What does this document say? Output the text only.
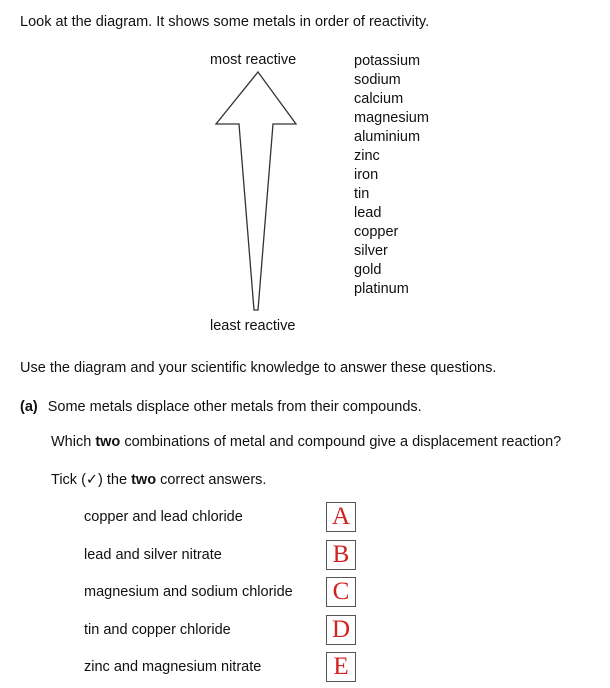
Look at the diagram. It shows some metals in order of reactivity.
most reactive	potassium
sodium
calcium
magnesium
aluminium
zinc
iron
tin
lead
copper
silver
gold
platinum
least reactive
Use the diagram and your scientific knowledge to answer these questions.
(a) Some metals displace other metals from their compounds.
Which two combinations of metal and compound give a displacement reaction?
Tick (✓) the two correct answers.
copper and lead chloride	A
lead and silver nitrate	B
magnesium and sodium chloride C
tin and copper chloride	D
zinc and magnesium nitrate	E
